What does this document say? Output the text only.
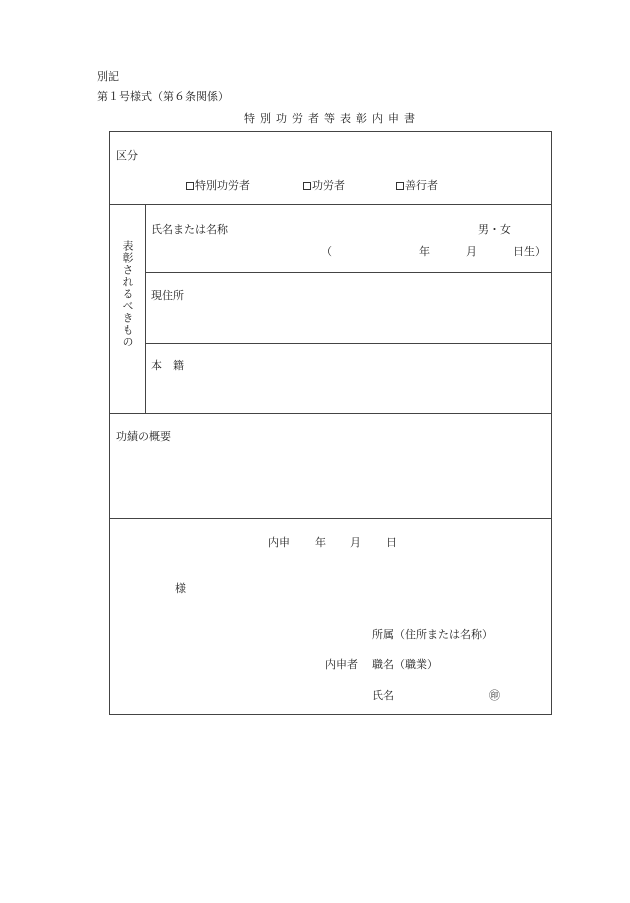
別記
第１号様式（第６条関係）
特別功労者等表彰内申書
区分
特別功労者	功労者	善行者
表彰されるべきもの
氏名または名称	男・女
（	年	月	日生）
現住所
本　籍
功績の概要
内申 年 月 日
様
所属（住所または名称）
内申者 職名（職業）
氏名	㊞
